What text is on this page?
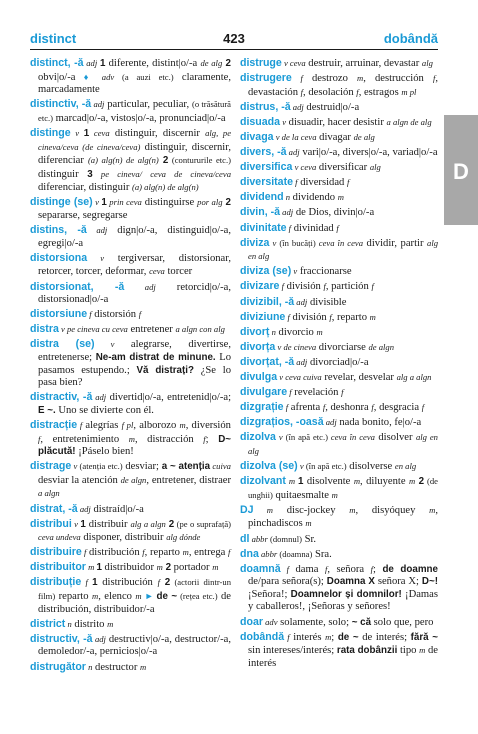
distinct	423	dobândă
D

distinct, -ă adj 1 diferente, distint|o/-a de alg 2 obvi|o/-a ♦ adv (a auzi etc.) claramente, marcadamente

distinctiv, -ă adj particular, peculiar, (o trăsătură etc.) marcad|o/-a, vistos|o/-a, pronunciad|o/-a

distinge v 1 ceva distinguir, discernir alg, pe cineva/ceva (de cineva/ceva) distinguir, discernir, diferenciar (a) alg(n) de alg(n) 2 (contururile etc.) distinguir 3 pe cineva/ ceva de cineva/ceva diferenciar, distinguir (a) alg(n) de alg(n)

distinge (se) v 1 prin ceva distinguirse por alg 2 separarse, segregarse

distins, -ă adj dign|o/-a, distinguid|o/-a, egregi|o/-a

distorsiona v tergiversar, distorsionar, retorcer, torcer, deformar, ceva torcer

distorsionat, -ă adj retorcid|o/-a, distorsionad|o/-a

distorsiune f distorsión f

distra v pe cineva cu ceva entretener a algn con alg

distra (se) v alegrarse, divertirse, entretenerse; Ne-am distrat de minune. Lo pasamos estupendo.; Vă distrați? ¿Se lo pasa bien?

distractiv, -ă adj divertid|o/-a, entretenid|o/-a; E ~. Uno se divierte con él.

distracție f alegrías f pl, alborozo m, diversión f, entretenimiento m, distracción f; D~ plăcută! ¡Páselo bien!

distrage v (atenția etc.) desviar; a ~ atenția cuiva desviar la atención de algn, entretener, distraer a algn

distrat, -ă adj distraíd|o/-a

distribui v 1 distribuir alg a algn 2 (pe o suprafață) ceva undeva disponer, distribuir alg dónde

distribuire f distribución f, reparto m, entrega f

distribuitor m 1 distribuidor m 2 portador m

distribuție f 1 distribución f 2 (actorii dintr-un film) reparto m, elenco m ► de ~ (rețea etc.) de distribución, distribuidor/-a

district n distrito m

distructiv, -ă adj destructiv|o/-a, destructor/-a, demoledor/-a, pernicios|o/-a

distrugător n destructor m

distruge v ceva destruir, arruinar, devastar alg

distrugere f destrozo m, destrucción f, devastación f, desolación f, estragos m pl

distrus, -ă adj destruid|o/-a

disuada v disuadir, hacer desistir a algn de alg

divaga v de la ceva divagar de alg

divers, -ă adj vari|o/-a, divers|o/-a, variad|o/-a

diversifica v ceva diversificar alg

diversitate f diversidad f

dividend n dividendo m

divin, -ă adj de Dios, divin|o/-a

divinitate f divinidad f

diviza v (în bucăți) ceva în ceva dividir, partir alg en alg

diviza (se) v fraccionarse

divizare f división f, partición f

divizibil, -ă adj divisible

diviziune f división f, reparto m

divorț n divorcio m

divorța v de cineva divorciarse de algn

divorțat, -ă adj divorciad|o/-a

divulga v ceva cuiva revelar, desvelar alg a algn

divulgare f revelación f

dizgrație f afrenta f, deshonra f, desgracia f

dizgrațios, -oasă adj nada bonito, fe|o/-a

dizolva v (în apă etc.) ceva în ceva disolver alg en alg

dizolva (se) v (în apă etc.) disolverse en alg

dizolvant m 1 disolvente m, diluyente m 2 (de unghii) quitaesmalte m

DJ m disc-jockey m, disyóquey m, pinchadiscos m

dl abbr (domnul) Sr.

dna abbr (doamna) Sra.

doamnă f dama f, señora f; de doamne de/para señora(s); Doamna X señora X; D~! ¡Señora!; Doamnelor și domnilor! ¡Damas y caballeros!, ¡Señoras y señores!

doar adv solamente, solo; ~ că solo que, pero

dobândă f interés m; de ~ de interés; fără ~ sin intereses/interés; rata dobânzii tipo m de interés
